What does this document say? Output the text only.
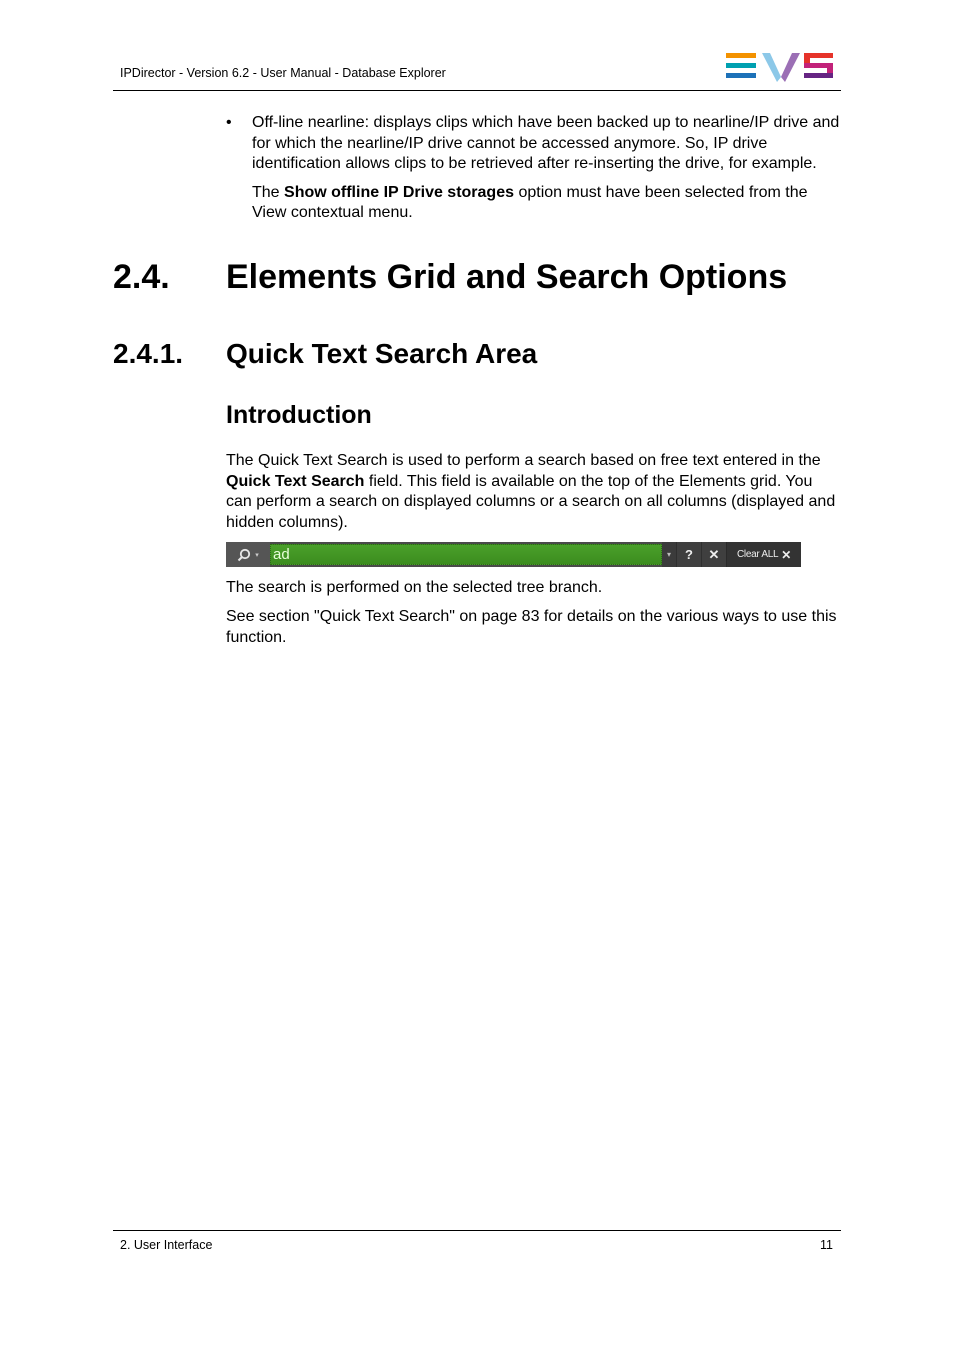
IPDirector - Version 6.2 - User Manual - Database Explorer
• Off-line nearline: displays clips which have been backed up to nearline/IP drive and for which the nearline/IP drive cannot be accessed anymore. So, IP drive identification allows clips to be retrieved after re-inserting the drive, for example.
The Show offline IP Drive storages option must have been selected from the View contextual menu.
2.4. Elements Grid and Search Options
2.4.1. Quick Text Search Area
Introduction
The Quick Text Search is used to perform a search based on free text entered in the Quick Text Search field. This field is available on the top of the Elements grid. You can perform a search on displayed columns or a search on all columns (displayed and hidden columns).
▾
ad	▾	?	✕	Clear ALL ✕
The search is performed on the selected tree branch.
See section "Quick Text Search" on page 83 for details on the various ways to use this function.
2. User Interface	11
